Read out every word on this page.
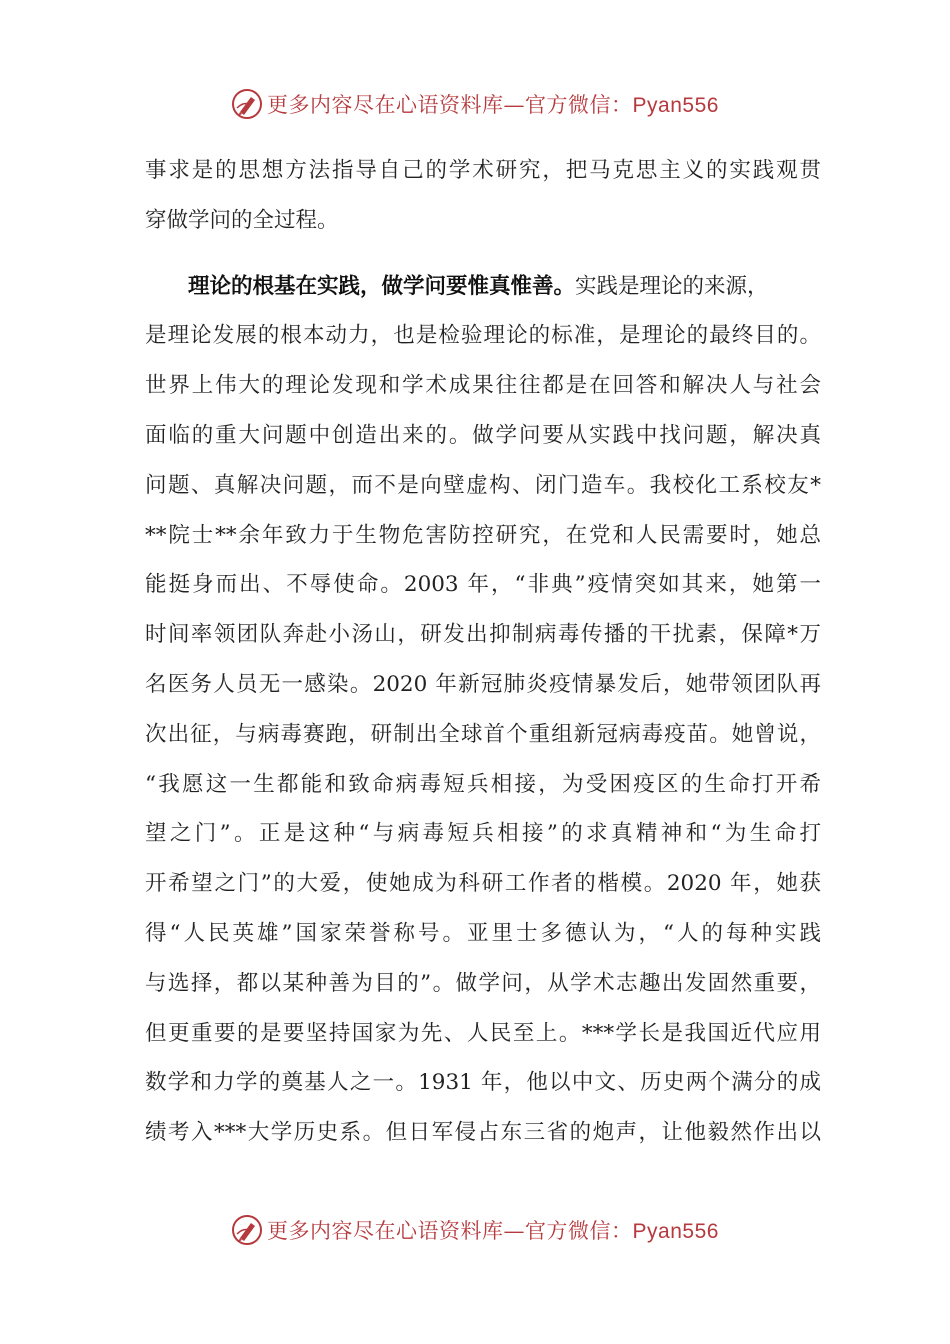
更多内容尽在心语资料库—官方微信：Pyan556
事求是的思想方法指导自己的学术研究，把马克思主义的实践观贯
穿做学问的全过程。
理论的根基在实践，做学问要惟真惟善。实践是理论的来源，
是理论发展的根本动力，也是检验理论的标准，是理论的最终目的。
世界上伟大的理论发现和学术成果往往都是在回答和解决人与社会
面临的重大问题中创造出来的。做学问要从实践中找问题，解决真
问题、真解决问题，而不是向壁虚构、闭门造车。我校化工系校友*
**院士**余年致力于生物危害防控研究，在党和人民需要时，她总
能挺身而出、不辱使命。2003 年，“非典”疫情突如其来，她第一
时间率领团队奔赴小汤山，研发出抑制病毒传播的干扰素，保障*万
名医务人员无一感染。2020 年新冠肺炎疫情暴发后，她带领团队再
次出征，与病毒赛跑，研制出全球首个重组新冠病毒疫苗。她曾说，
“我愿这一生都能和致命病毒短兵相接，为受困疫区的生命打开希
望之门”。正是这种“与病毒短兵相接”的求真精神和“为生命打
开希望之门”的大爱，使她成为科研工作者的楷模。2020 年，她获
得“人民英雄”国家荣誉称号。亚里士多德认为，“人的每种实践
与选择，都以某种善为目的”。做学问，从学术志趣出发固然重要，
但更重要的是要坚持国家为先、人民至上。***学长是我国近代应用
数学和力学的奠基人之一。1931 年，他以中文、历史两个满分的成
绩考入***大学历史系。但日军侵占东三省的炮声，让他毅然作出以
更多内容尽在心语资料库—官方微信：Pyan556
